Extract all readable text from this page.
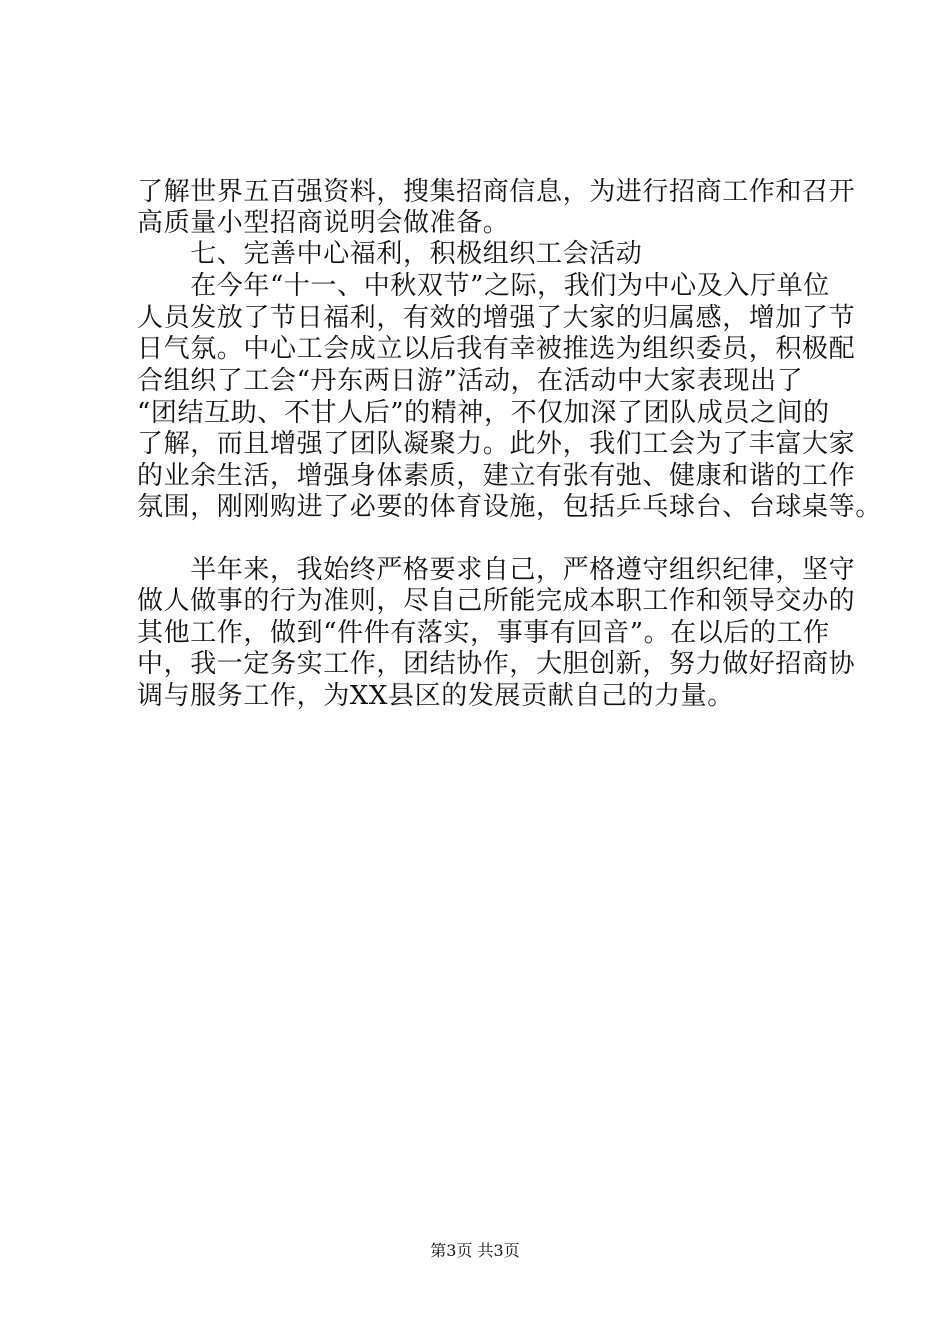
了解世界五百强资料，搜集招商信息，为进行招商工作和召开
高质量小型招商说明会做准备。
　　七、完善中心福利，积极组织工会活动
　　在今年“十一、中秋双节”之际，我们为中心及入厅单位
人员发放了节日福利，有效的增强了大家的归属感，增加了节
日气氛。中心工会成立以后我有幸被推选为组织委员，积极配
合组织了工会“丹东两日游”活动，在活动中大家表现出了
“团结互助、不甘人后”的精神，不仅加深了团队成员之间的
了解，而且增强了团队凝聚力。此外，我们工会为了丰富大家
的业余生活，增强身体素质，建立有张有弛、健康和谐的工作
氛围，刚刚购进了必要的体育设施，包括乒乓球台、台球桌等。
　　半年来，我始终严格要求自己，严格遵守组织纪律，坚守
做人做事的行为准则，尽自己所能完成本职工作和领导交办的
其他工作，做到“件件有落实，事事有回音”。在以后的工作
中，我一定务实工作，团结协作，大胆创新，努力做好招商协
调与服务工作，为XX县区的发展贡献自己的力量。
第3页 共3页
